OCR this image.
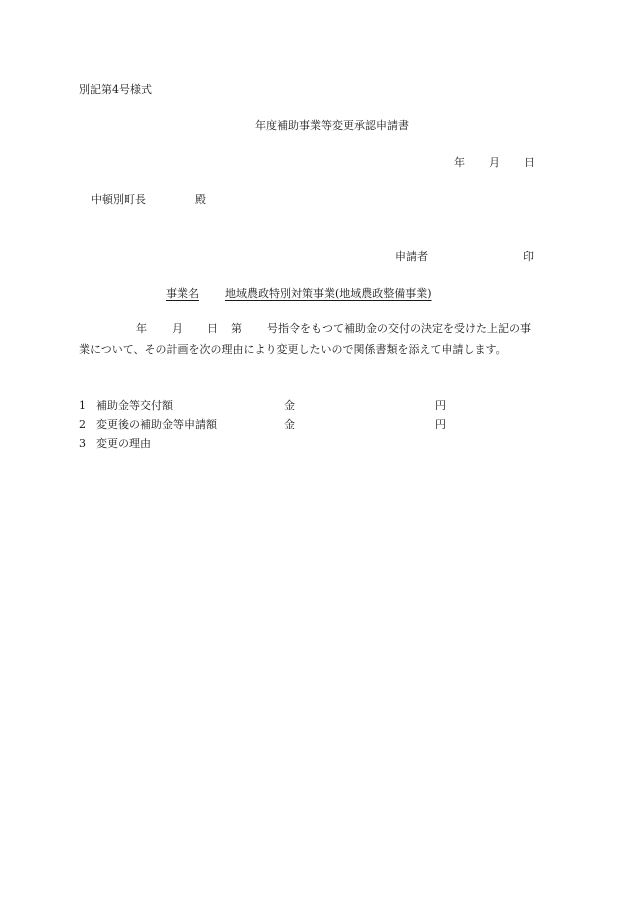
別記第4号様式
年度補助事業等変更承認申請書
年 月 日
中頓別町長	殿
申請者	印
事業名 地域農政特別対策事業(地域農政整備事業)
年 月 日 第 号指令をもつて補助金の交付の決定を受けた上記の事
業について、その計画を次の理由により変更したいので関係書類を添えて申請します。
1 補助金等交付額	金	円
2 変更後の補助金等申請額	金	円
3 変更の理由
